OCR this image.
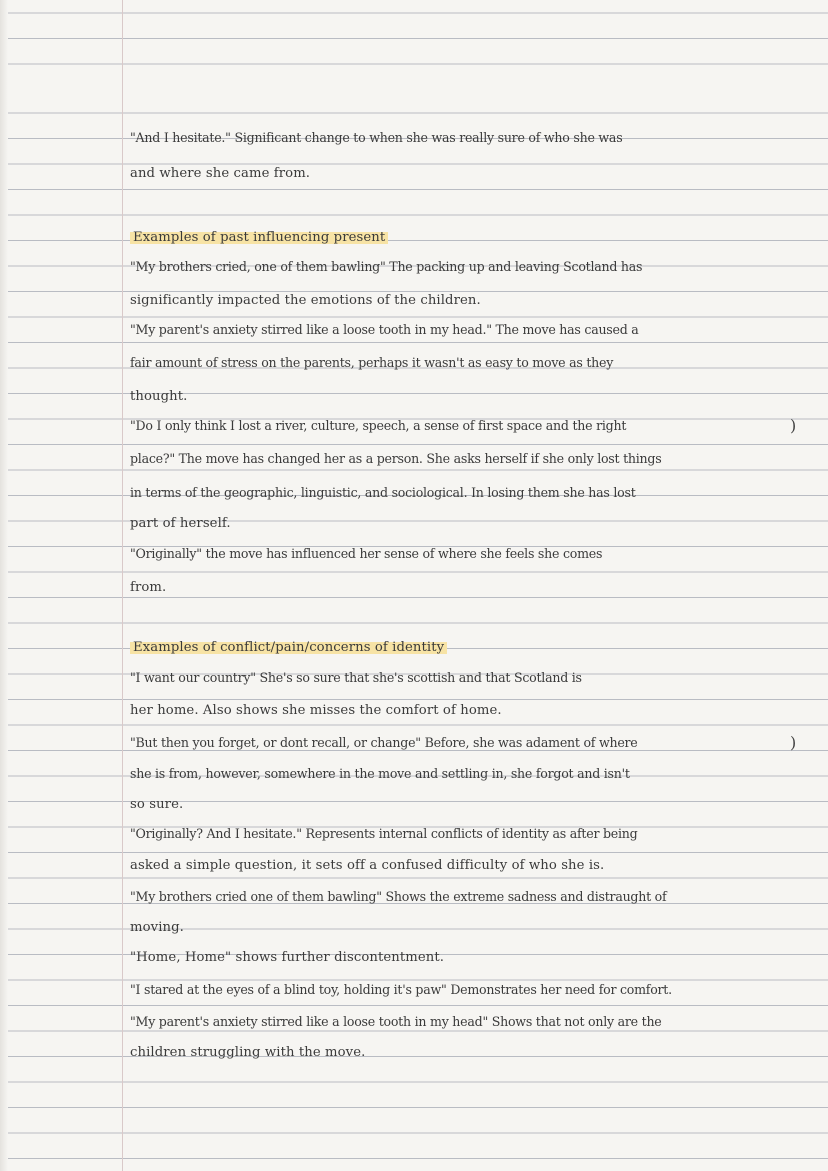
"And I hesitate." Significant change to when she was really sure of who she was
and where she came from.
Examples of past influencing present
"My brothers cried, one of them bawling" The packing up and leaving Scotland has
significantly impacted the emotions of the children.
"My parent's anxiety stirred like a loose tooth in my head." The move has caused a
fair amount of stress on the parents, perhaps it wasn't as easy to move as they
thought.
"Do I only think I lost a river, culture, speech, a sense of first space and the right	)
place?" The move has changed her as a person. She asks herself if she only lost things
in terms of the geographic, linguistic, and sociological. In losing them she has lost
part of herself.
"Originally" the move has influenced her sense of where she feels she comes
from.
Examples of conflict/pain/concerns of identity
"I want our country" She's so sure that she's scottish and that Scotland is
her home. Also shows she misses the comfort of home.
"But then you forget, or dont recall, or change" Before, she was adament of where	)
she is from, however, somewhere in the move and settling in, she forgot and isn't
so sure.
"Originally? And I hesitate." Represents internal conflicts of identity as after being
asked a simple question, it sets off a confused difficulty of who she is.
"My brothers cried one of them bawling" Shows the extreme sadness and distraught of
moving.
"Home, Home" shows further discontentment.
"I stared at the eyes of a blind toy, holding it's paw" Demonstrates her need for comfort.
"My parent's anxiety stirred like a loose tooth in my head" Shows that not only are the
children struggling with the move.
